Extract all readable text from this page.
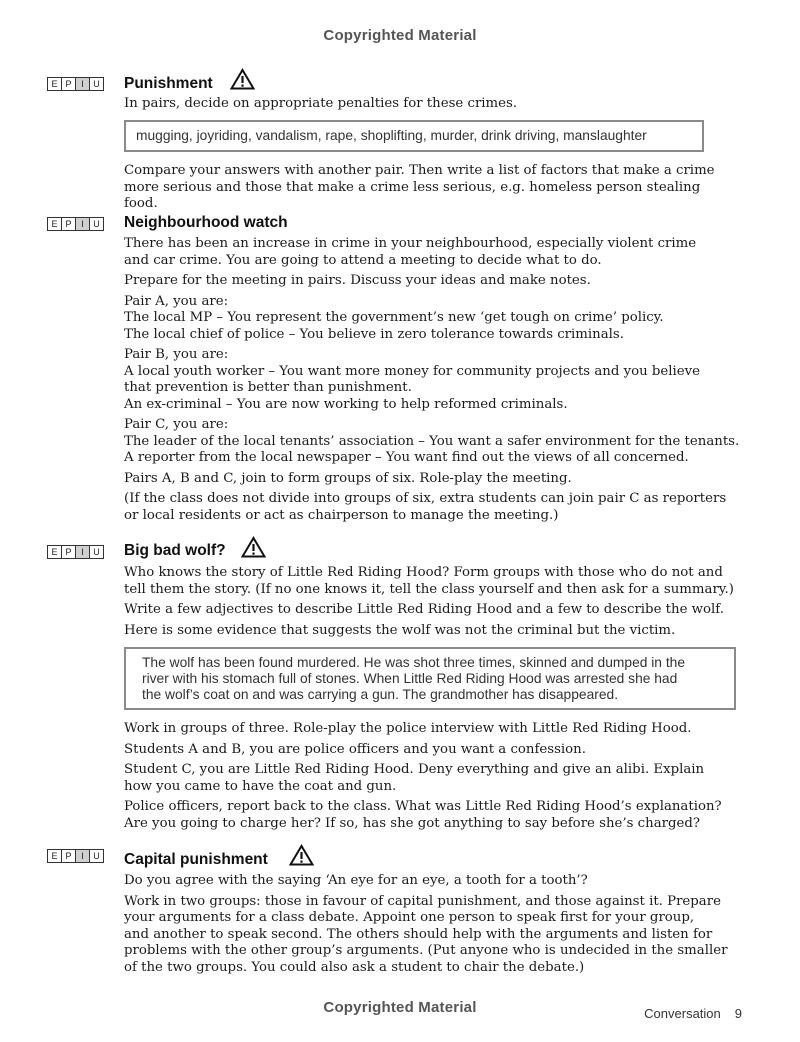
Copyrighted Material
E P	I	U Punishment

In pairs, decide on appropriate penalties for these crimes.

mugging, joyriding, vandalism, rape, shoplifting, murder, drink driving, manslaughter

Compare your answers with another pair. Then write a list of factors that make a crime more serious and those that make a crime less serious, e.g. homeless person stealing food.

E P	I	U Neighbourhood watch

There has been an increase in crime in your neighbourhood, especially violent crime
and car crime. You are going to attend a meeting to decide what to do.

Prepare for the meeting in pairs. Discuss your ideas and make notes.

Pair A, you are:
The local MP – You represent the government’s new ‘get tough on crime’ policy.
The local chief of police – You believe in zero tolerance towards criminals.

Pair B, you are:
A local youth worker – You want more money for community projects and you believe
that prevention is better than punishment.
An ex-criminal – You are now working to help reformed criminals.

Pair C, you are:
The leader of the local tenants’ association – You want a safer environment for the tenants.
A reporter from the local newspaper – You want find out the views of all concerned.

Pairs A, B and C, join to form groups of six. Role-play the meeting.

(If the class does not divide into groups of six, extra students can join pair C as reporters
or local residents or act as chairperson to manage the meeting.)

E P	I	U Big bad wolf?

Who knows the story of Little Red Riding Hood? Form groups with those who do not and
tell them the story. (If no one knows it, tell the class yourself and then ask for a summary.)

Write a few adjectives to describe Little Red Riding Hood and a few to describe the wolf.

Here is some evidence that suggests the wolf was not the criminal but the victim.

The wolf has been found murdered. He was shot three times, skinned and dumped in the
river with his stomach full of stones. When Little Red Riding Hood was arrested she had
the wolf’s coat on and was carrying a gun. The grandmother has disappeared.

Work in groups of three. Role-play the police interview with Little Red Riding Hood.

Students A and B, you are police officers and you want a confession.

Student C, you are Little Red Riding Hood. Deny everything and give an alibi. Explain
how you came to have the coat and gun.

Police officers, report back to the class. What was Little Red Riding Hood’s explanation?
Are you going to charge her? If so, has she got anything to say before she’s charged?

E P	I	U Capital punishment

Do you agree with the saying ‘An eye for an eye, a tooth for a tooth’?

Work in two groups: those in favour of capital punishment, and those against it. Prepare
your arguments for a class debate. Appoint one person to speak first for your group,
and another to speak second. The others should help with the arguments and listen for
problems with the other group’s arguments. (Put anyone who is undecided in the smaller
of the two groups. You could also ask a student to chair the debate.)

Copyrighted Material	Conversation 9
